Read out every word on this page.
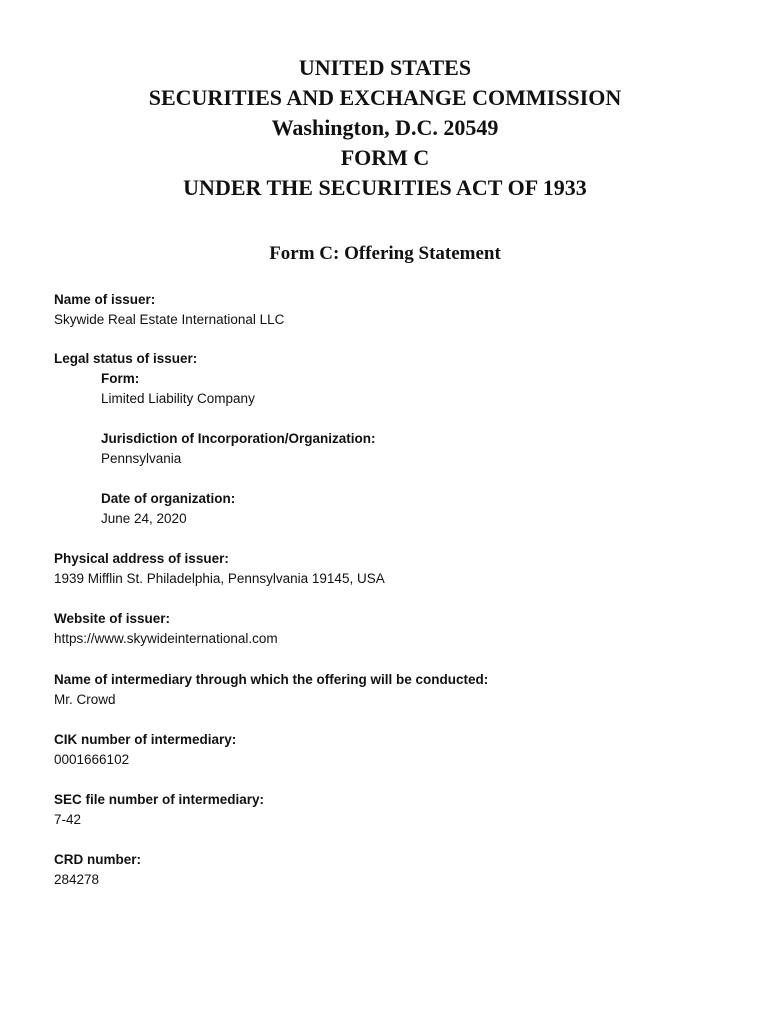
UNITED STATES
SECURITIES AND EXCHANGE COMMISSION
Washington, D.C. 20549
FORM C
UNDER THE SECURITIES ACT OF 1933
Form C: Offering Statement
Name of issuer:
Skywide Real Estate International LLC
Legal status of issuer:
Form:
Limited Liability Company
Jurisdiction of Incorporation/Organization:
Pennsylvania
Date of organization:
June 24, 2020
Physical address of issuer:
1939 Mifflin St. Philadelphia, Pennsylvania 19145, USA
Website of issuer:
https://www.skywideinternational.com
Name of intermediary through which the offering will be conducted:
Mr. Crowd
CIK number of intermediary:
0001666102
SEC file number of intermediary:
7-42
CRD number:
284278
